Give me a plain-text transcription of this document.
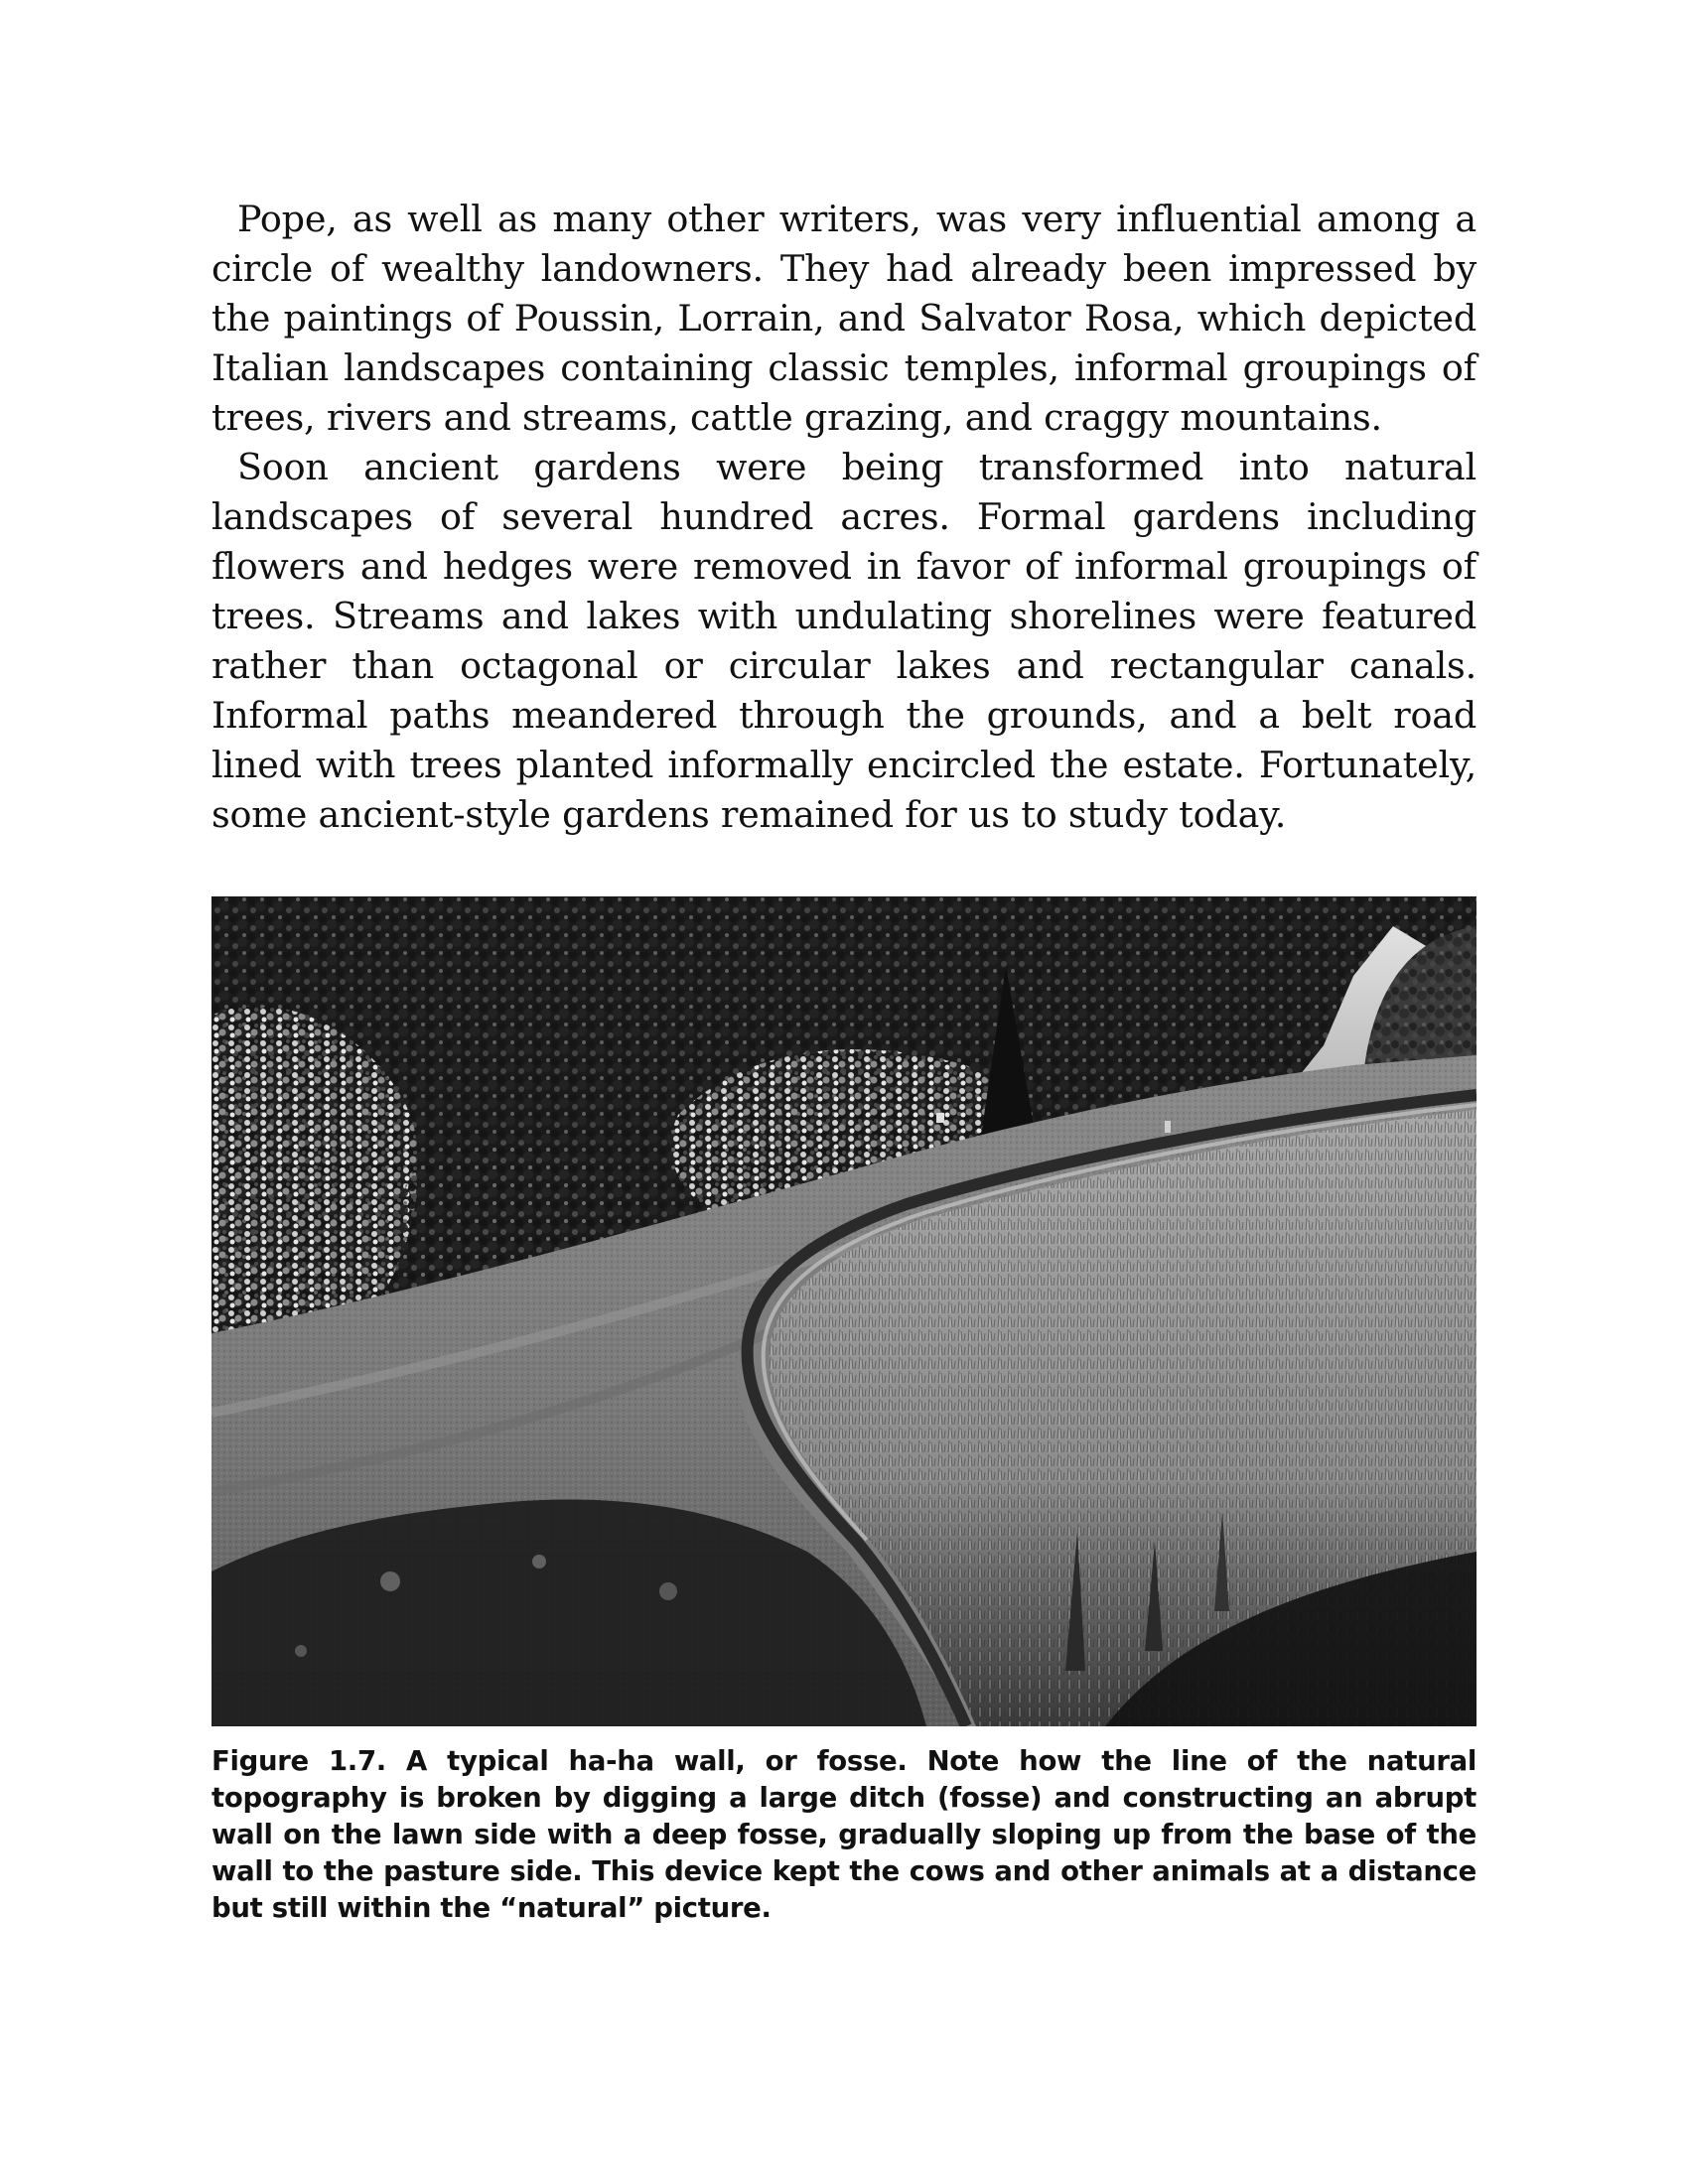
Pope, as well as many other writers, was very influential among a circle of wealthy landowners. They had already been impressed by the paintings of Poussin, Lorrain, and Salvator Rosa, which depicted Italian landscapes containing classic temples, informal groupings of trees, rivers and streams, cattle grazing, and craggy mountains.

Soon ancient gardens were being transformed into natural landscapes of several hundred acres. Formal gardens including flowers and hedges were removed in favor of informal groupings of trees. Streams and lakes with undulating shorelines were featured rather than octagonal or circular lakes and rectangular canals. Informal paths meandered through the grounds, and a belt road lined with trees planted informally encircled the estate. Fortunately, some ancient-style gardens remained for us to study today.

Figure 1.7. A typical ha-ha wall, or fosse. Note how the line of the natural topography is broken by digging a large ditch (fosse) and constructing an abrupt wall on the lawn side with a deep fosse, gradually sloping up from the base of the wall to the pasture side. This device kept the cows and other animals at a distance but still within the “natural” picture.
